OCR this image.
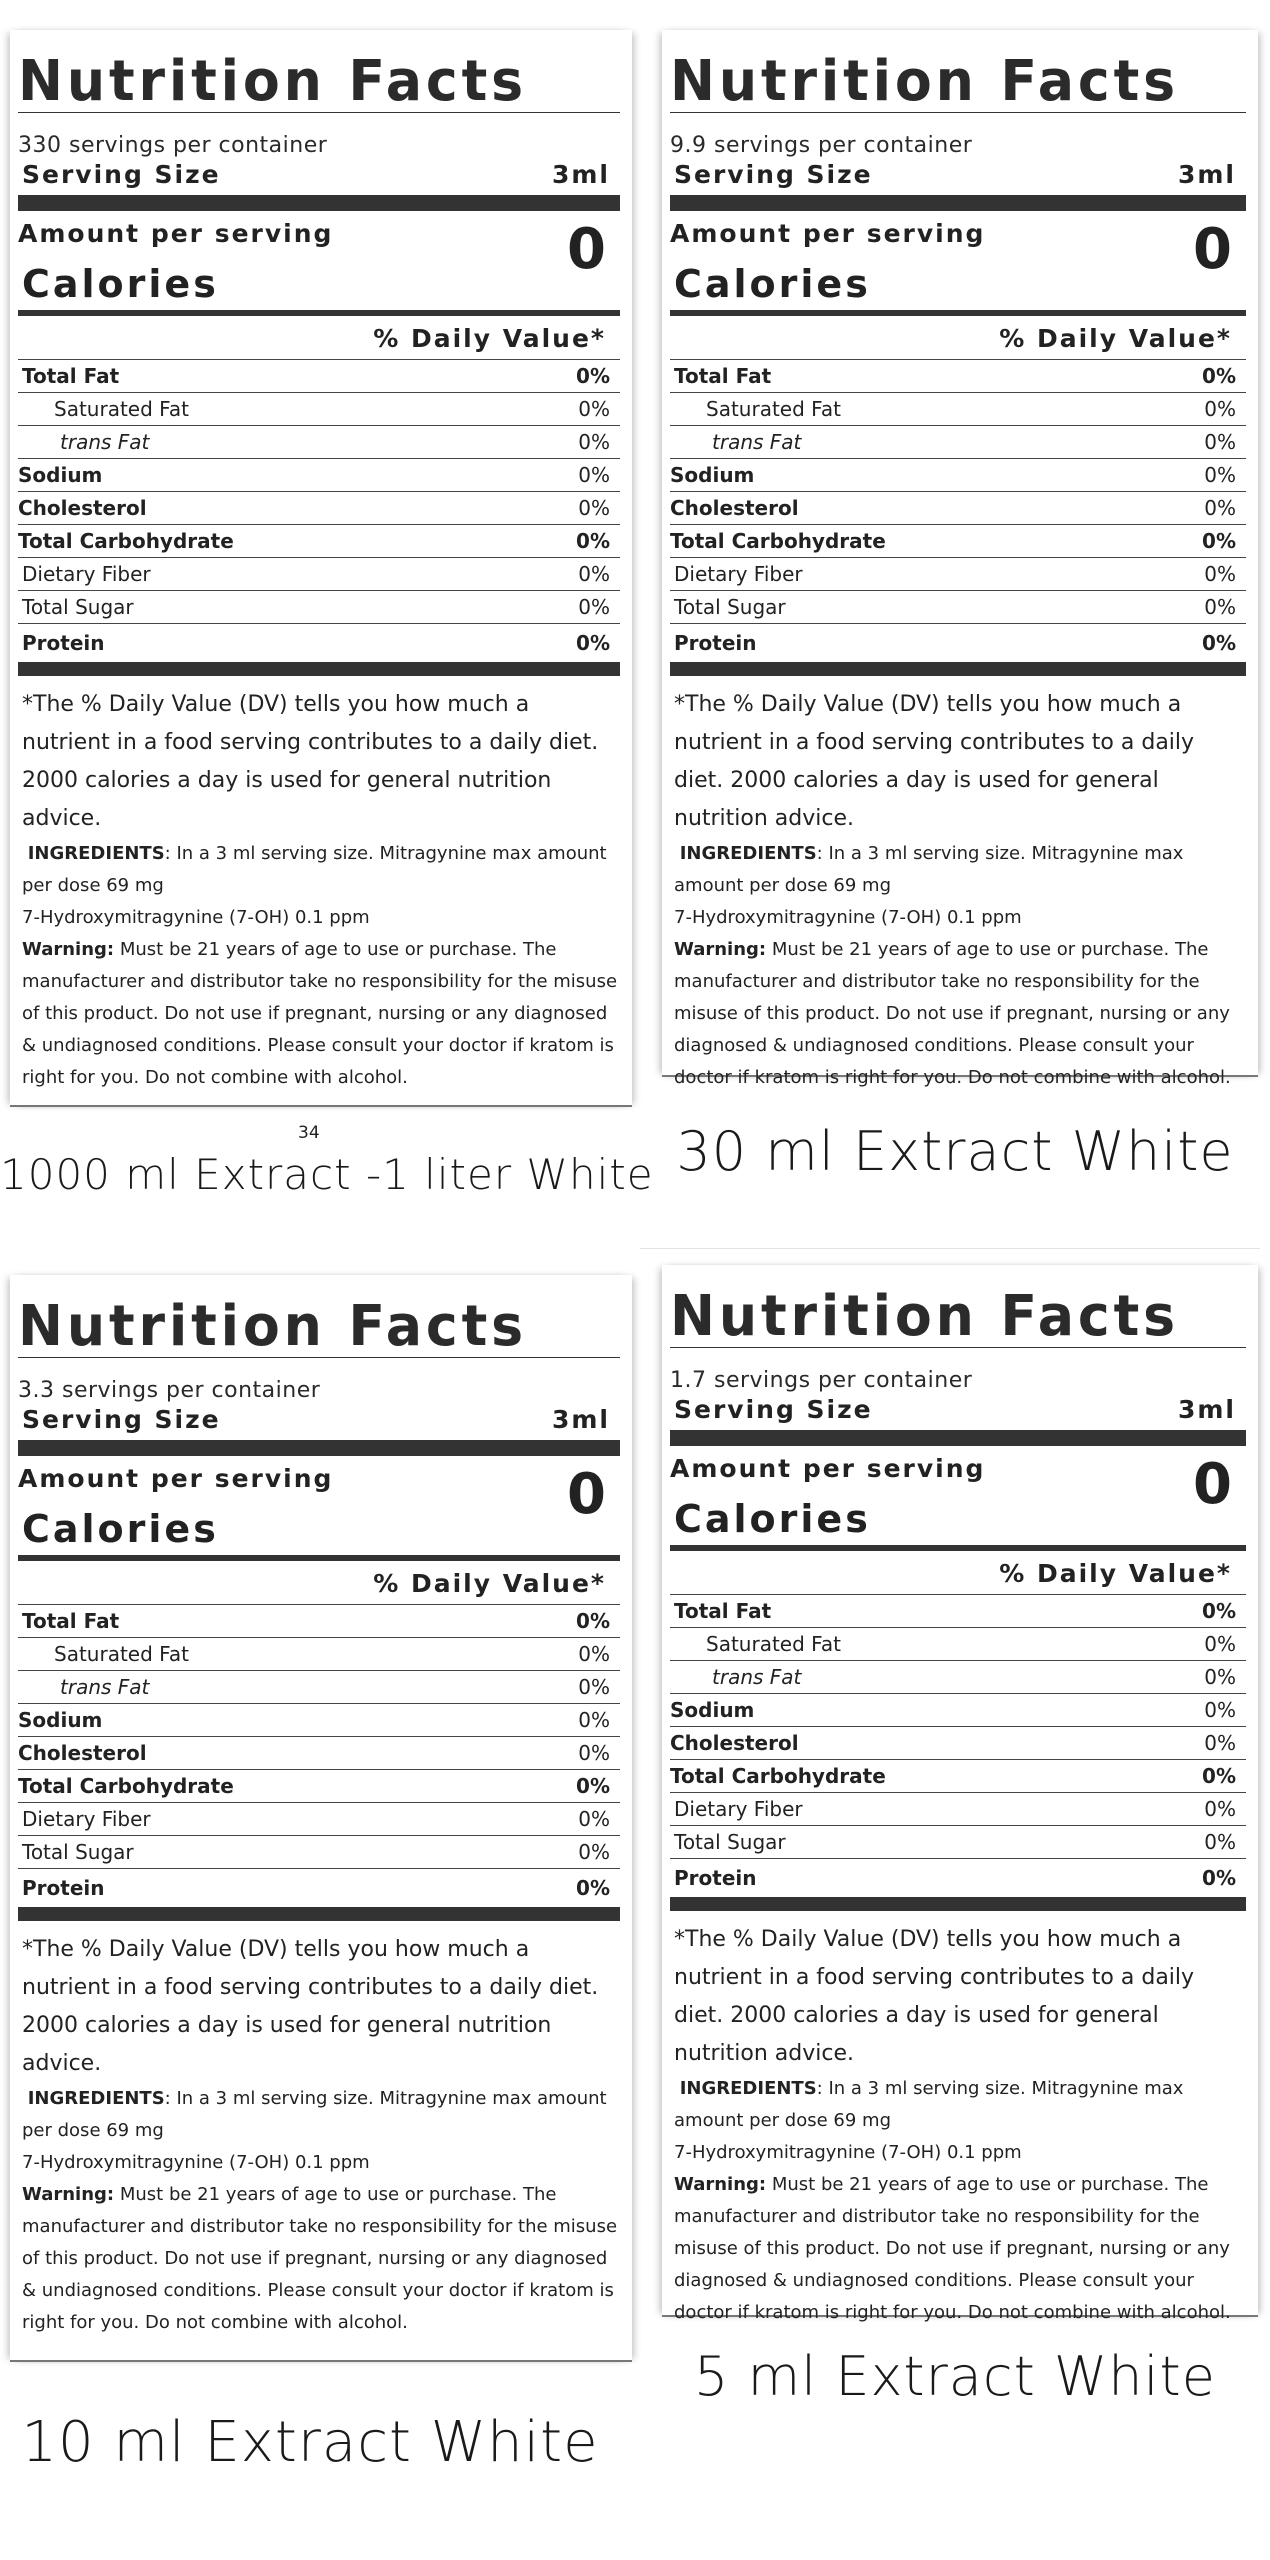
Nutrition Facts
330 servings per container
Serving Size	3ml
Amount per serving
Calories
0
% Daily Value*
Total Fat	0%
Saturated Fat	0%
trans Fat	0%
Sodium	0%
Cholesterol	0%
Total Carbohydrate	0%
Dietary Fiber	0%
Total Sugar	0%
Protein	0%
*The % Daily Value (DV) tells you how much a nutrient in a food serving contributes to a daily diet. 2000 calories a day is used for general nutrition advice.
INGREDIENTS: In a 3 ml serving size. Mitragynine max amount per dose 69 mg
7-Hydroxymitragynine (7-OH) 0.1 ppm
Warning: Must be 21 years of age to use or purchase. The manufacturer and distributor take no responsibility for the misuse of this product. Do not use if pregnant, nursing or any diagnosed & undiagnosed conditions. Please consult your doctor if kratom is right for you. Do not combine with alcohol.
34
1000 ml Extract -1 liter White
Nutrition Facts
9.9 servings per container
Serving Size	3ml
Amount per serving
Calories
0
% Daily Value*
Total Fat	0%
Saturated Fat	0%
trans Fat	0%
Sodium	0%
Cholesterol	0%
Total Carbohydrate	0%
Dietary Fiber	0%
Total Sugar	0%
Protein	0%
*The % Daily Value (DV) tells you how much a nutrient in a food serving contributes to a daily diet. 2000 calories a day is used for general nutrition advice.
INGREDIENTS: In a 3 ml serving size. Mitragynine max amount per dose 69 mg
7-Hydroxymitragynine (7-OH) 0.1 ppm
Warning: Must be 21 years of age to use or purchase. The manufacturer and distributor take no responsibility for the misuse of this product. Do not use if pregnant, nursing or any diagnosed & undiagnosed conditions. Please consult your doctor if kratom is right for you. Do not combine with alcohol.
30 ml Extract White
Nutrition Facts
3.3 servings per container
Serving Size	3ml
Amount per serving
Calories
0
% Daily Value*
Total Fat	0%
Saturated Fat	0%
trans Fat	0%
Sodium	0%
Cholesterol	0%
Total Carbohydrate	0%
Dietary Fiber	0%
Total Sugar	0%
Protein	0%
*The % Daily Value (DV) tells you how much a nutrient in a food serving contributes to a daily diet. 2000 calories a day is used for general nutrition advice.
INGREDIENTS: In a 3 ml serving size. Mitragynine max amount per dose 69 mg
7-Hydroxymitragynine (7-OH) 0.1 ppm
Warning: Must be 21 years of age to use or purchase. The manufacturer and distributor take no responsibility for the misuse of this product. Do not use if pregnant, nursing or any diagnosed & undiagnosed conditions. Please consult your doctor if kratom is right for you. Do not combine with alcohol.
10 ml Extract White
Nutrition Facts
1.7 servings per container
Serving Size	3ml
Amount per serving
Calories
0
% Daily Value*
Total Fat	0%
Saturated Fat	0%
trans Fat	0%
Sodium	0%
Cholesterol	0%
Total Carbohydrate	0%
Dietary Fiber	0%
Total Sugar	0%
Protein	0%
*The % Daily Value (DV) tells you how much a nutrient in a food serving contributes to a daily diet. 2000 calories a day is used for general nutrition advice.
INGREDIENTS: In a 3 ml serving size. Mitragynine max amount per dose 69 mg
7-Hydroxymitragynine (7-OH) 0.1 ppm
Warning: Must be 21 years of age to use or purchase. The manufacturer and distributor take no responsibility for the misuse of this product. Do not use if pregnant, nursing or any diagnosed & undiagnosed conditions. Please consult your doctor if kratom is right for you. Do not combine with alcohol.
5 ml Extract White
